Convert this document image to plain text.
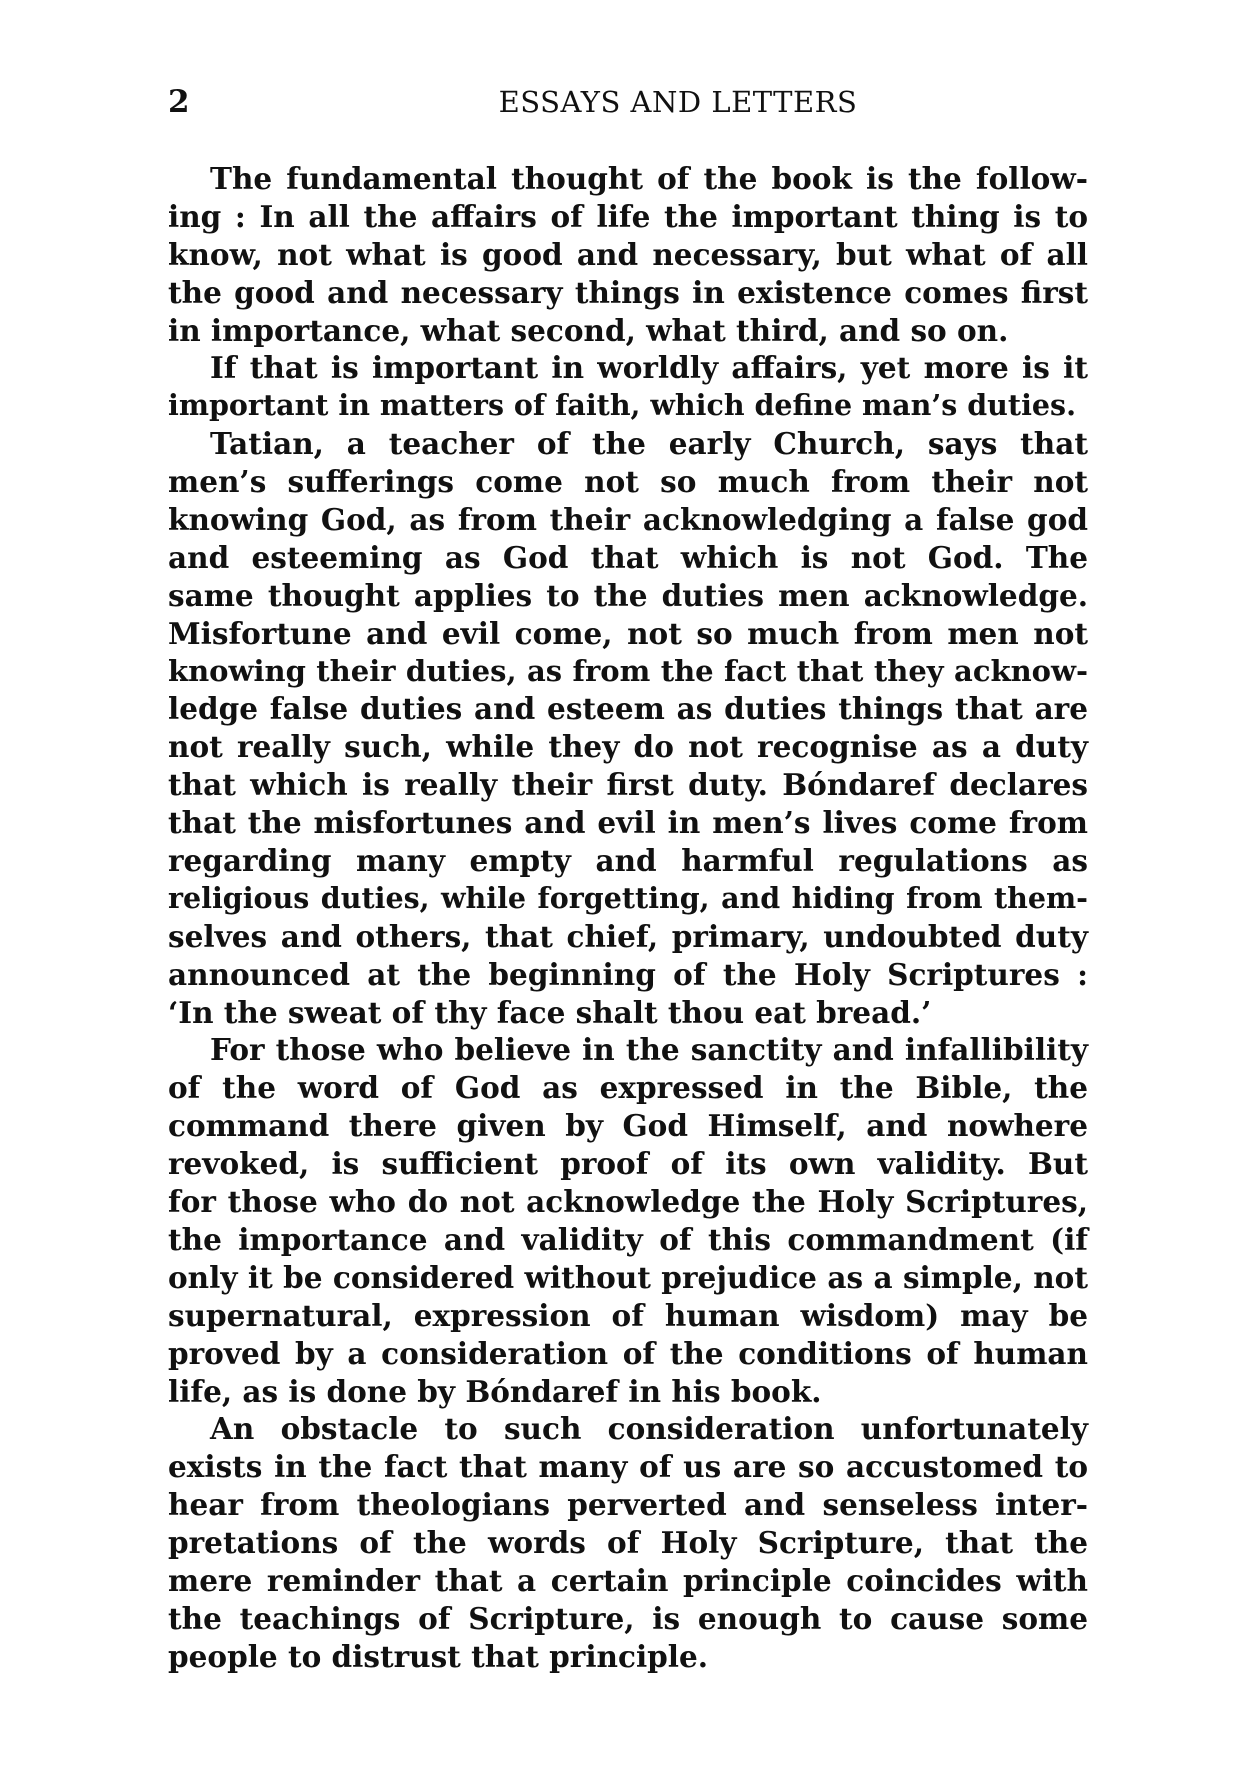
2	ESSAYS AND LETTERS
The fundamental thought of the book is the follow-
ing : In all the affairs of life the important thing is to
know, not what is good and necessary, but what of all
the good and necessary things in existence comes first
in importance, what second, what third, and so on.
If that is important in worldly affairs, yet more is it
important in matters of faith, which define man’s duties.
Tatian, a teacher of the early Church, says that
men’s sufferings come not so much from their not
knowing God, as from their acknowledging a false god
and esteeming as God that which is not God. The
same thought applies to the duties men acknowledge.
Misfortune and evil come, not so much from men not
knowing their duties, as from the fact that they acknow-
ledge false duties and esteem as duties things that are
not really such, while they do not recognise as a duty
that which is really their first duty. Bóndaref declares
that the misfortunes and evil in men’s lives come from
regarding many empty and harmful regulations as
religious duties, while forgetting, and hiding from them-
selves and others, that chief, primary, undoubted duty
announced at the beginning of the Holy Scriptures :
‘In the sweat of thy face shalt thou eat bread.’
For those who believe in the sanctity and infallibility
of the word of God as expressed in the Bible, the
command there given by God Himself, and nowhere
revoked, is sufficient proof of its own validity. But
for those who do not acknowledge the Holy Scriptures,
the importance and validity of this commandment (if
only it be considered without prejudice as a simple, not
supernatural, expression of human wisdom) may be
proved by a consideration of the conditions of human
life, as is done by Bóndaref in his book.
An obstacle to such consideration unfortunately
exists in the fact that many of us are so accustomed to
hear from theologians perverted and senseless inter-
pretations of the words of Holy Scripture, that the
mere reminder that a certain principle coincides with
the teachings of Scripture, is enough to cause some
people to distrust that principle.
